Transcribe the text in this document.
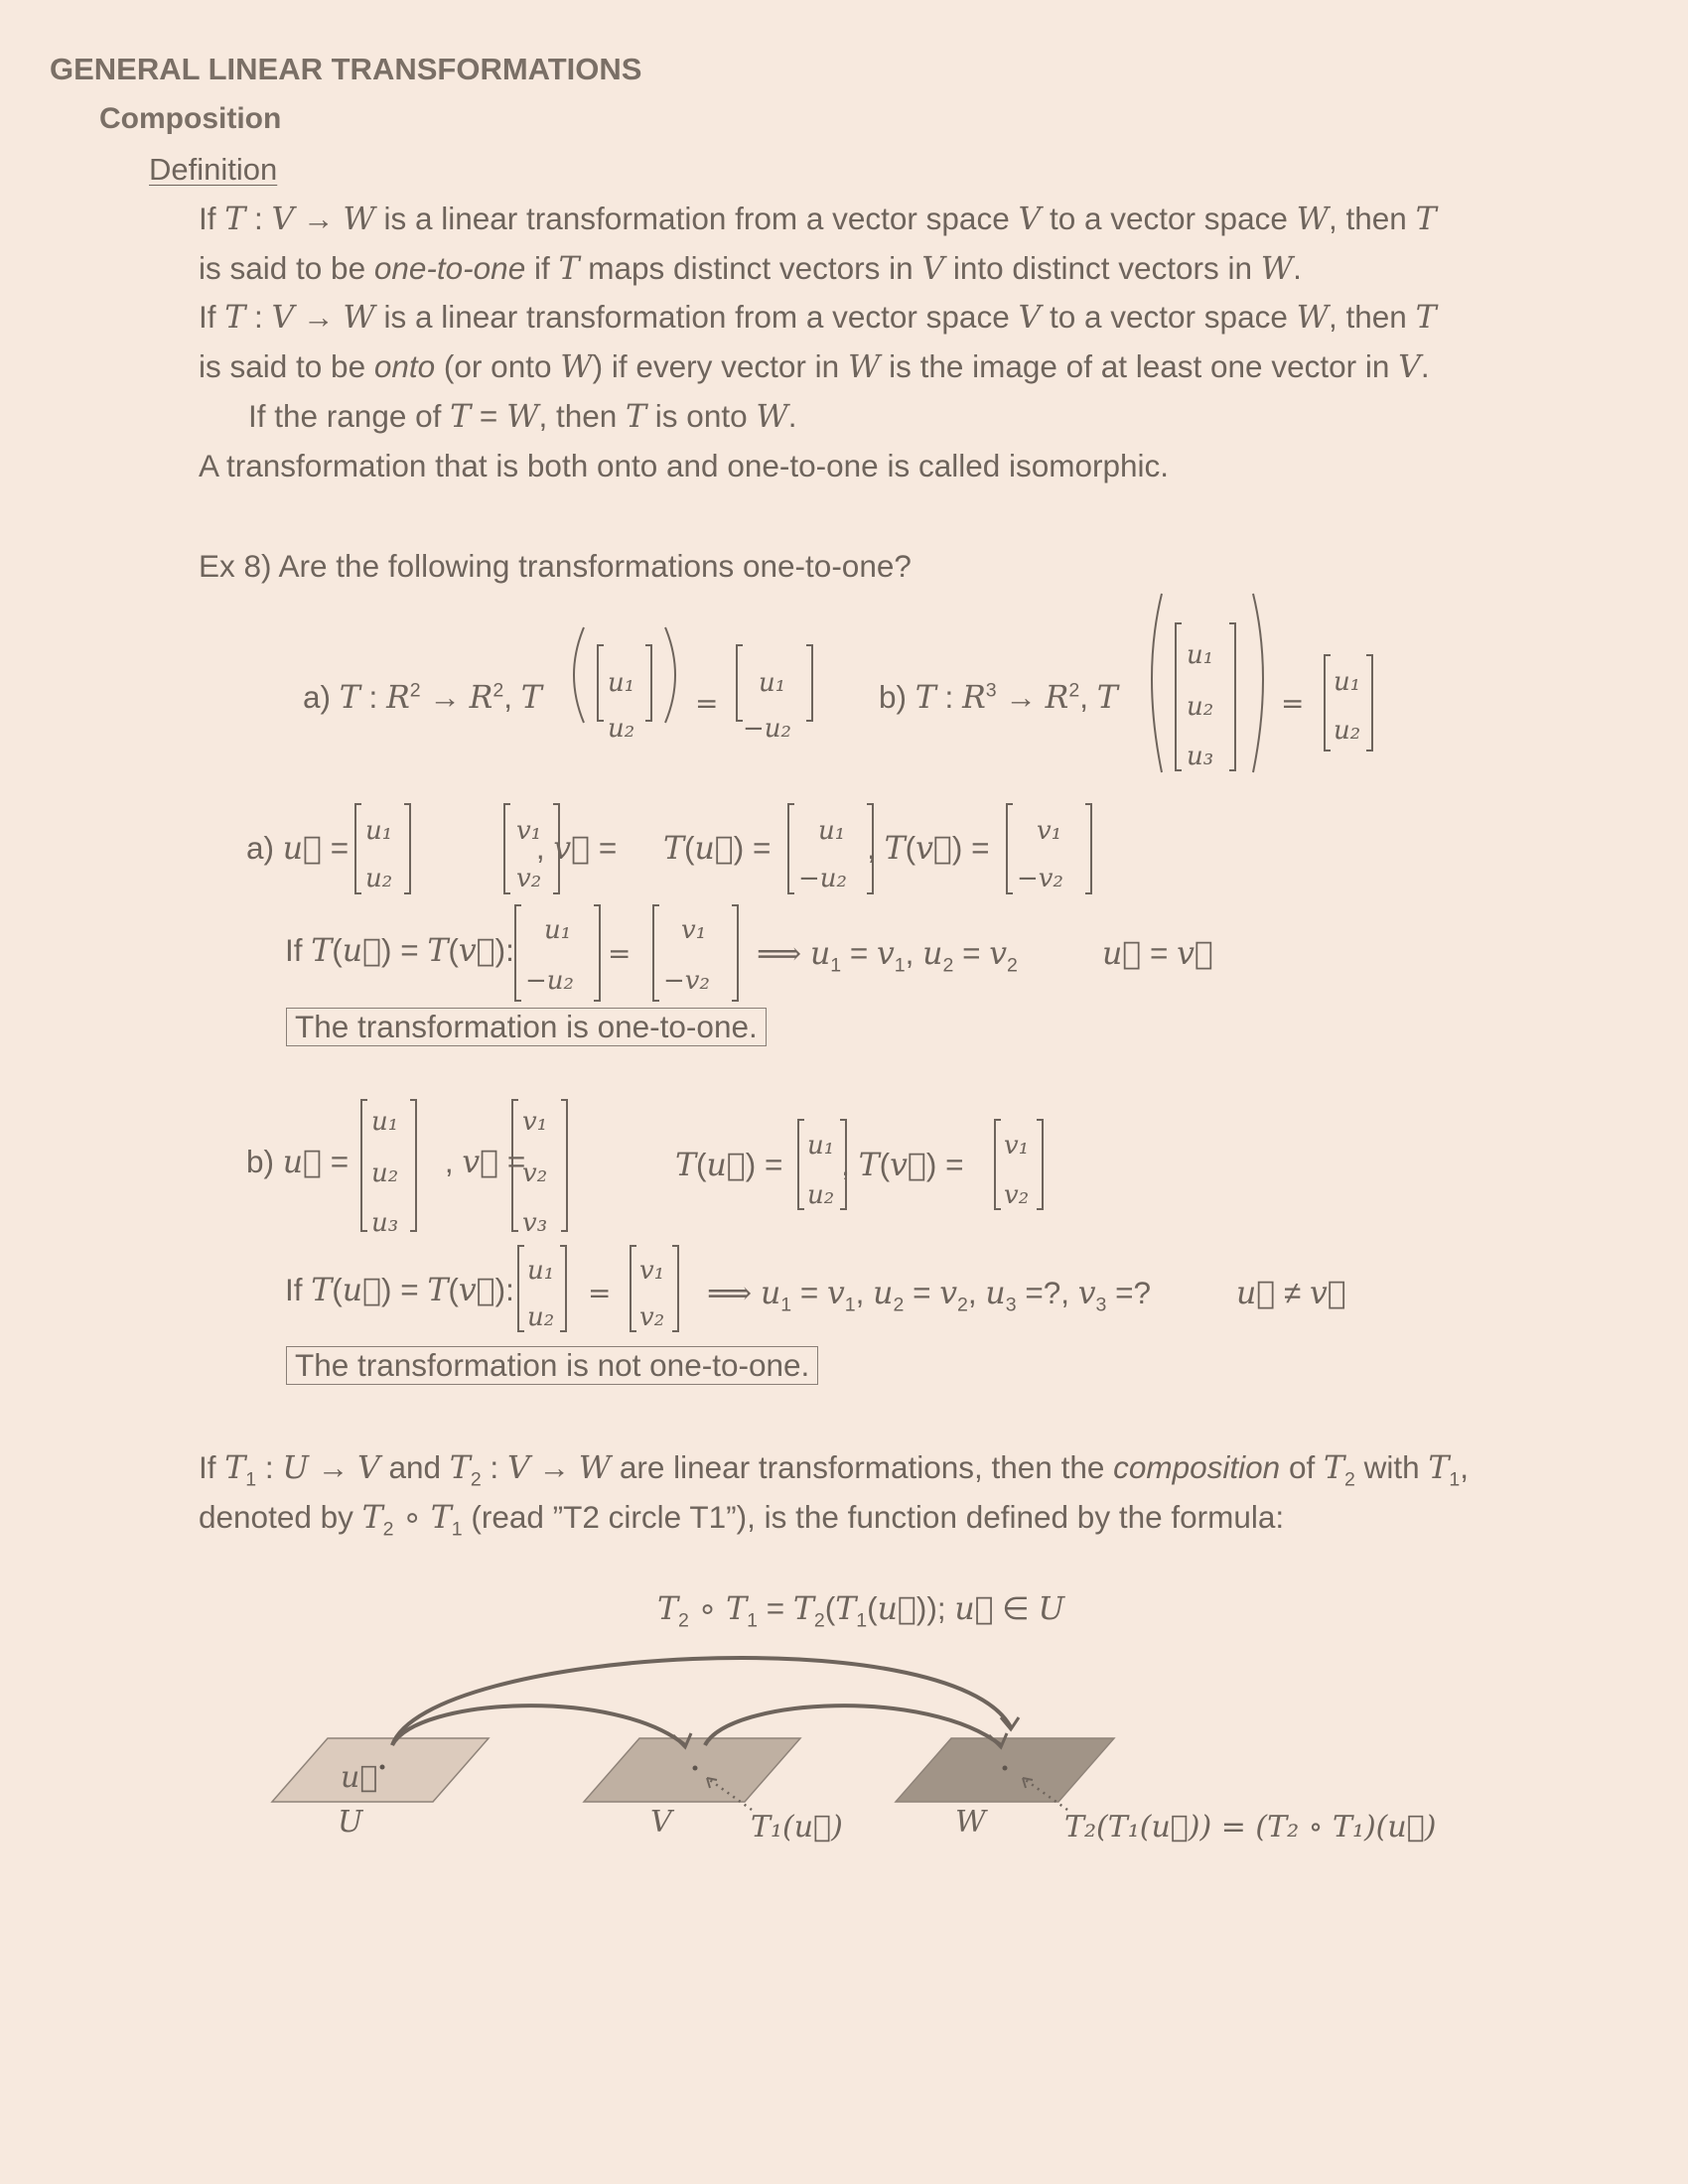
GENERAL LINEAR TRANSFORMATIONS
Composition
Definition
If T : V → W is a linear transformation from a vector space V to a vector space W, then T
is said to be one-to-one if T maps distinct vectors in V into distinct vectors in W.
If T : V → W is a linear transformation from a vector space V to a vector space W, then T
is said to be onto (or onto W) if every vector in W is the image of at least one vector in V.
If the range of T = W, then T is onto W.
A transformation that is both onto and one-to-one is called isomorphic.
Ex 8) Are the following transformations one-to-one?
u₁
u₂
u₁
−u₂
u₁
u₂
u₃
u₁
u₂
=	=
a) T : $R^2 \to R^2$, T	b) T : $R^3 \to R^2$, T
u₁
u₂
v₁
v₂
u₁
−u₂
v₁
−v₂
u₁
−u₂
v₁
−v₂
=
a) u⃗ =	, v⃗ = T(u⃗) =	, T(v⃗) =
If T(u⃗) = T(v⃗):	⟹ $u_1 = v_1$, $u_2 = v_2$	u⃗ = v⃗
The transformation is one-to-one.
u₁
u₂
u₃
v₁
v₂
v₃
u₁
u₂
v₁
v₂
u₁
u₂
v₁
v₂
=
b) u⃗ =	, v⃗ =	T(u⃗) = , T(v⃗) =
If T(u⃗) = T(v⃗):	⟹ $u_1 = v_1$, $u_2 = v_2$, $u_3$ =?, $v_3$ =?	u⃗ ≠ v⃗
The transformation is not one-to-one.
If $T_1$ : U → V and $T_2$ : V → W are linear transformations, then the composition of $T_2$ with $T_1$,
denoted by $T_2$ ∘ $T_1$ (read ”T2 circle T1”), is the function defined by the formula:
$T_2$ ∘ $T_1$ = $T_2(T_1(u⃗))$; u⃗ ∈ U
u⃗
U	V	W
T₁(u⃗)	T₂(T₁(u⃗)) = (T₂ ∘ T₁)(u⃗)
